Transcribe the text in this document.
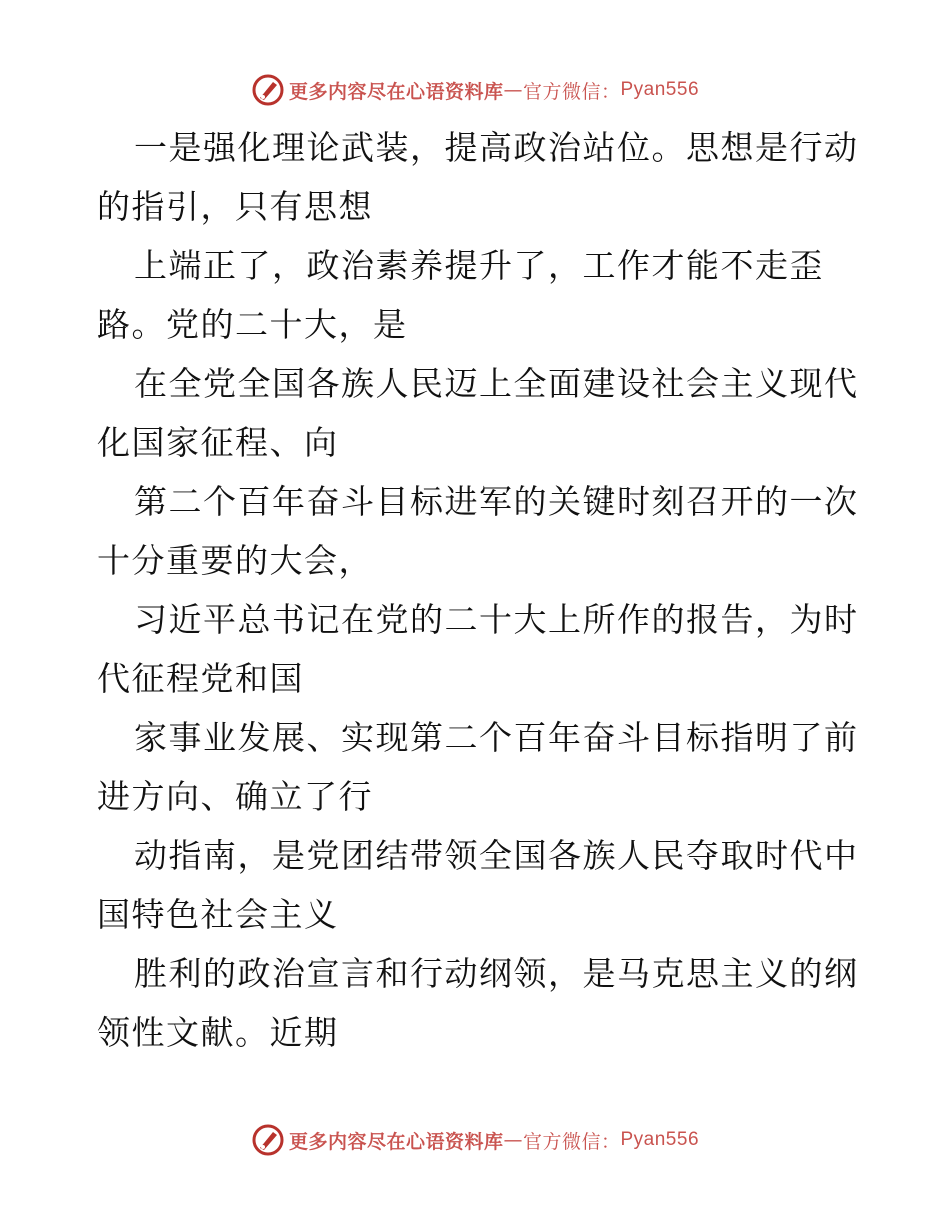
更多内容尽在心语资料库 — 官方微信： Pyan556
一是强化理论武装，提高政治站位。思想是行动
的指引，只有思想
上端正了，政治素养提升了，工作才能不走歪
路。党的二十大，是
在全党全国各族人民迈上全面建设社会主义现代
化国家征程、向
第二个百年奋斗目标进军的关键时刻召开的一次
十分重要的大会，
习近平总书记在党的二十大上所作的报告，为时
代征程党和国
家事业发展、实现第二个百年奋斗目标指明了前
进方向、确立了行
动指南，是党团结带领全国各族人民夺取时代中
国特色社会主义
胜利的政治宣言和行动纲领，是马克思主义的纲
领性文献。近期
更多内容尽在心语资料库 — 官方微信： Pyan556
